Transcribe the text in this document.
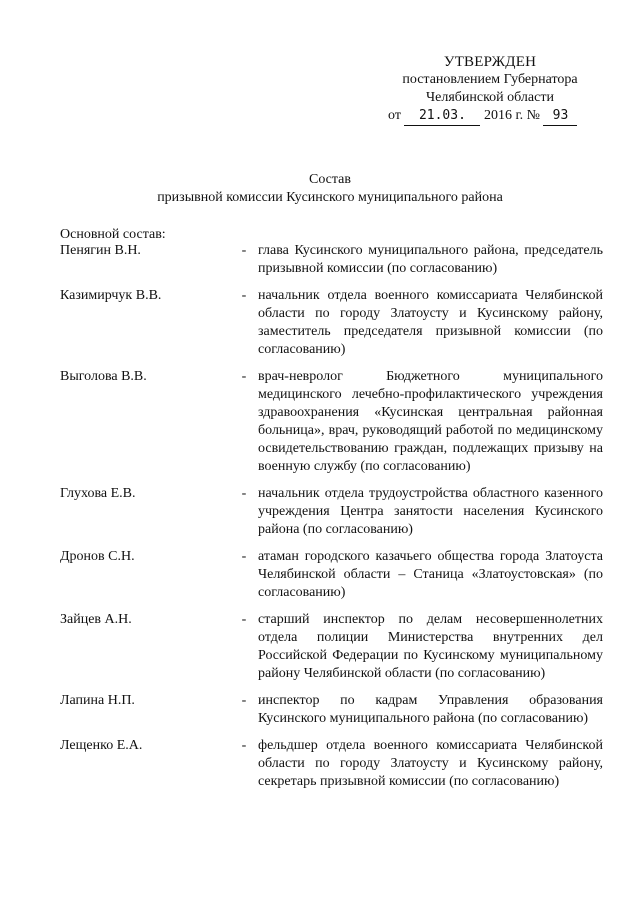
УТВЕРЖДЕН
постановлением Губернатора
Челябинской области
от 21.03. 2016 г. № 93
Состав
призывной комиссии Кусинского муниципального района
Основной состав:
Пенягин В.Н.	- глава Кусинского муниципального района, председатель призывной комиссии (по согласованию)
Казимирчук В.В.	- начальник отдела военного комиссариата Челябинской области по городу Златоусту и Кусинскому району, заместитель председателя призывной комиссии (по согласованию)
Выголова В.В.	- врач-невролог Бюджетного муниципального медицинского лечебно-профилактического учреждения здравоохранения «Кусинская центральная районная больница», врач, руководящий работой по медицинскому освидетельствованию граждан, подлежащих призыву на военную службу (по согласованию)
Глухова Е.В.	- начальник отдела трудоустройства областного казенного учреждения Центра занятости населения Кусинского района (по согласованию)
Дронов С.Н.	- атаман городского казачьего общества города Златоуста Челябинской области – Станица «Златоустовская» (по согласованию)
Зайцев А.Н.	- старший инспектор по делам несовершеннолетних отдела полиции Министерства внутренних дел Российской Федерации по Кусинскому муниципальному району Челябинской области (по согласованию)
Лапина Н.П.	- инспектор по кадрам Управления образования Кусинского муниципального района (по согласованию)
Лещенко Е.А.	- фельдшер отдела военного комиссариата Челябинской области по городу Златоусту и Кусинскому району, секретарь призывной комиссии (по согласованию)
